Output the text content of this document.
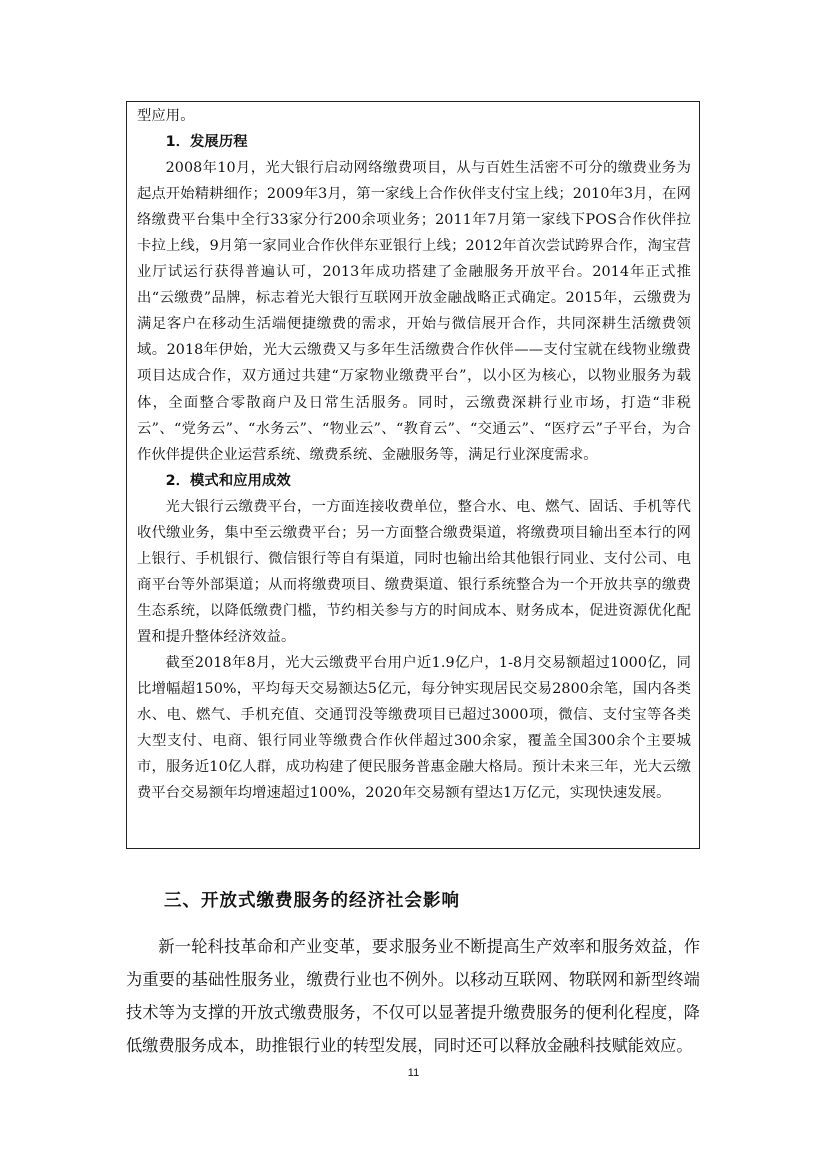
型应用。

1．发展历程

2008年10月，光大银行启动网络缴费项目，从与百姓生活密不可分的缴费业务为起点开始精耕细作；2009年3月，第一家线上合作伙伴支付宝上线；2010年3月，在网络缴费平台集中全行33家分行200余项业务；2011年7月第一家线下POS合作伙伴拉卡拉上线，9月第一家同业合作伙伴东亚银行上线；2012年首次尝试跨界合作，淘宝营业厅试运行获得普遍认可，2013年成功搭建了金融服务开放平台。2014年正式推出“云缴费”品牌，标志着光大银行互联网开放金融战略正式确定。2015年，云缴费为满足客户在移动生活端便捷缴费的需求，开始与微信展开合作，共同深耕生活缴费领域。2018年伊始，光大云缴费又与多年生活缴费合作伙伴——支付宝就在线物业缴费项目达成合作，双方通过共建“万家物业缴费平台”，以小区为核心，以物业服务为载体，全面整合零散商户及日常生活服务。同时，云缴费深耕行业市场，打造“非税云”、“党务云”、“水务云”、“物业云”、“教育云”、“交通云”、“医疗云”子平台，为合作伙伴提供企业运营系统、缴费系统、金融服务等，满足行业深度需求。

2．模式和应用成效

光大银行云缴费平台，一方面连接收费单位，整合水、电、燃气、固话、手机等代收代缴业务，集中至云缴费平台；另一方面整合缴费渠道，将缴费项目输出至本行的网上银行、手机银行、微信银行等自有渠道，同时也输出给其他银行同业、支付公司、电商平台等外部渠道；从而将缴费项目、缴费渠道、银行系统整合为一个开放共享的缴费生态系统，以降低缴费门槛，节约相关参与方的时间成本、财务成本，促进资源优化配置和提升整体经济效益。

截至2018年8月，光大云缴费平台用户近1.9亿户，1-8月交易额超过1000亿，同比增幅超150%，平均每天交易额达5亿元，每分钟实现居民交易2800余笔，国内各类水、电、燃气、手机充值、交通罚没等缴费项目已超过3000项，微信、支付宝等各类大型支付、电商、银行同业等缴费合作伙伴超过300余家，覆盖全国300余个主要城市，服务近10亿人群，成功构建了便民服务普惠金融大格局。预计未来三年，光大云缴费平台交易额年均增速超过100%，2020年交易额有望达1万亿元，实现快速发展。

三、开放式缴费服务的经济社会影响

新一轮科技革命和产业变革，要求服务业不断提高生产效率和服务效益，作为重要的基础性服务业，缴费行业也不例外。以移动互联网、物联网和新型终端技术等为支撑的开放式缴费服务，不仅可以显著提升缴费服务的便利化程度，降低缴费服务成本，助推银行业的转型发展，同时还可以释放金融科技赋能效应。

11
